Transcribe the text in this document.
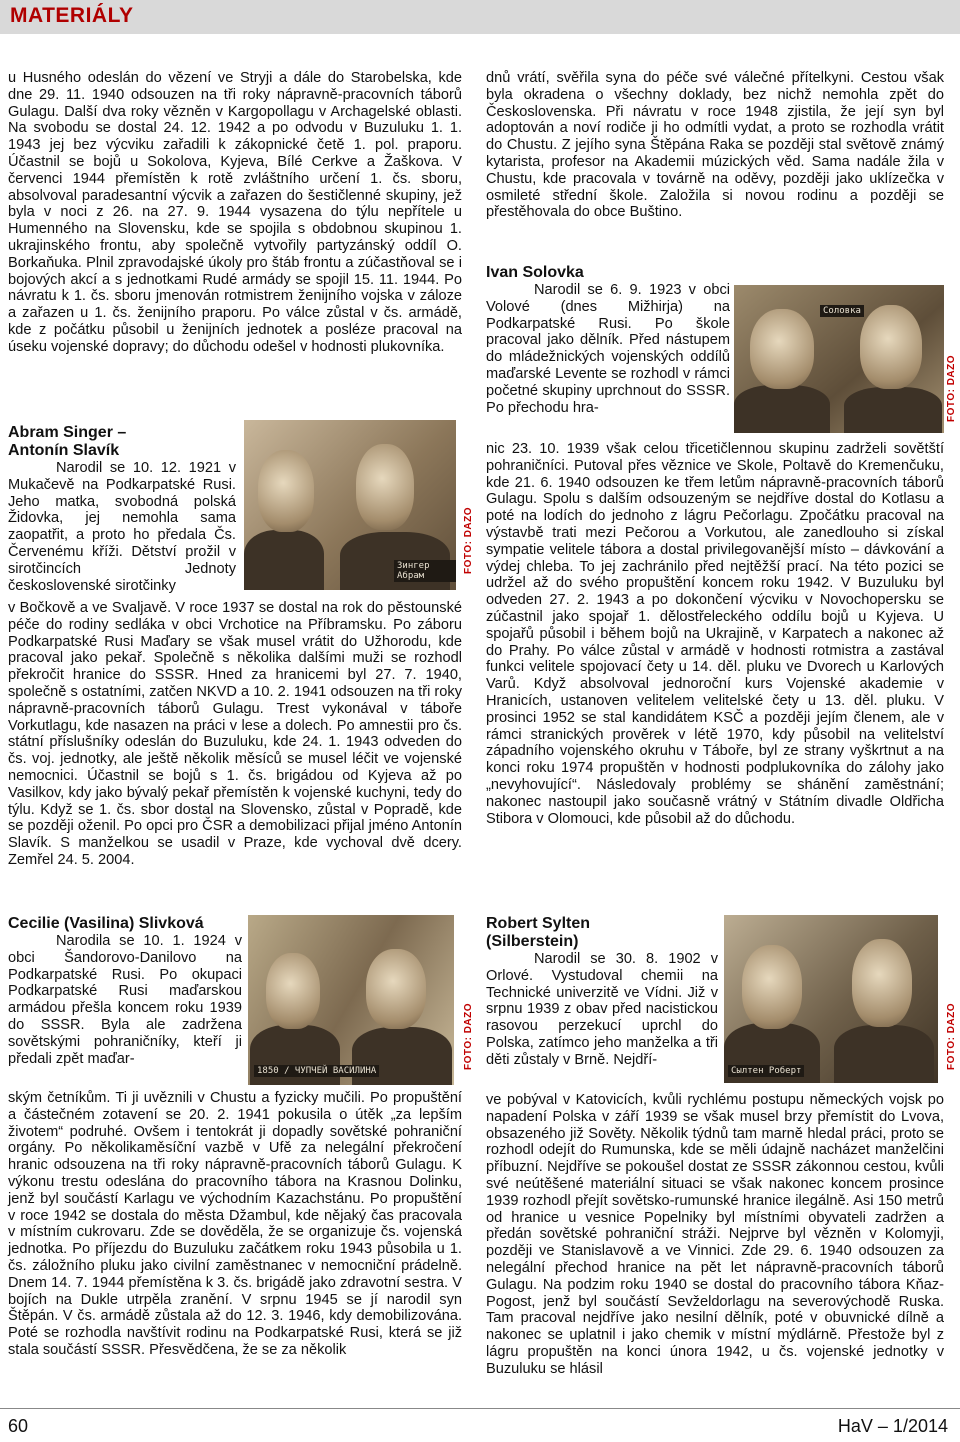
MATERIÁLY

u Husného odeslán do vězení ve Stryji a dále do Starobelska, kde dne 29. 11. 1940 odsouzen na tři roky nápravně-pracovních táborů Gulagu. Další dva roky vězněn v Kargopollagu v Archagelské oblasti. Na svobodu se dostal 24. 12. 1942 a po odvodu v Buzuluku 1. 1. 1943 jej bez výcviku zařadili k zákopnické četě 1. pol. praporu. Účastnil se bojů u Sokolova, Kyjeva, Bílé Cerkve a Žaškova. V červenci 1944 přemístěn k rotě zvláštního určení 1. čs. sboru, absolvoval paradesantní výcvik a zařazen do šestičlenné skupiny, jež byla v noci z 26. na 27. 9. 1944 vysazena do týlu nepřítele u Humenného na Slovensku, kde se spojila s obdobnou skupinou 1. ukrajinského frontu, aby společně vytvořily partyzánský oddíl O. Borkaňuka. Plnil zpravodajské úkoly pro štáb frontu a zúčastňoval se i bojových akcí a s jednotkami Rudé armády se spojil 15. 11. 1944. Po návratu k 1. čs. sboru jmenován rotmistrem ženijního vojska v záloze a zařazen u 1. čs. ženijního praporu. Po válce zůstal v čs. armádě, kde z počátku působil u ženijních jednotek a posléze pracoval na úseku vojenské dopravy; do důchodu odešel v hodnosti plukovníka.

Зингер Абрам
FOTO: DAZO

Abram Singer –

Antonín Slavík

Narodil se 10. 12. 1921 v Mukačevě na Podkarpatské Rusi. Jeho matka, svobodná polská Židovka, jej nemohla sama zaopatřit, a proto ho předala Čs. Červenému kříži. Dětství prožil v sirotčincích Jednoty československé sirotčinky

v Bočkově a ve Svaljavě. V roce 1937 se dostal na rok do pěstounské péče do rodiny sedláka v obci Vrchotice na Příbramsku. Po záboru Podkarpatské Rusi Maďary se však musel vrátit do Užhorodu, kde pracoval jako pekař. Společně s několika dalšími muži se rozhodl překročit hranice do SSSR. Hned za hranicemi byl 27. 7. 1940, společně s ostatními, zatčen NKVD a 10. 2. 1941 odsouzen na tři roky nápravně-pracovních táborů Gulagu. Trest vykonával v táboře Vorkutlagu, kde nasazen na práci v lese a dolech. Po amnestii pro čs. státní příslušníky odeslán do Buzuluku, kde 24. 1. 1943 odveden do čs. voj. jednotky, ale ještě několik měsíců se musel léčit ve vojenské nemocnici. Účastnil se bojů s 1. čs. brigádou od Kyjeva až po Vasilkov, kdy jako bývalý pekař přemístěn k vojenské kuchyni, tedy do týlu. Když se 1. čs. sbor dostal na Slovensko, zůstal v Popradě, kde se později oženil. Po opci pro ČSR a demobilizaci přijal jméno Antonín Slavík. S manželkou se usadil v Praze, kde vychoval dvě dcery. Zemřel 24. 5. 2004.

1850 / ЧУПЧЕЙ ВАСИЛИНА
FOTO: DAZO

Cecilie (Vasilina) Slivková

Narodila se 10. 1. 1924 v obci Šandorovo-Danilovo na Podkarpatské Rusi. Po okupaci Podkarpatské Rusi maďarskou armádou přešla koncem roku 1939 do SSSR. Byla ale zadržena sovětskými pohraničníky, kteří ji předali zpět maďar-

ským četníkům. Ti ji uvěznili v Chustu a fyzicky mučili. Po propuštění a částečném zotavení se 20. 2. 1941 pokusila o útěk „za lepším životem“ podruhé. Ovšem i tentokrát ji dopadly sovětské pohraniční orgány. Po několikaměsíční vazbě v Ufě za nelegální překročení hranic odsouzena na tři roky nápravně-pracovních táborů Gulagu. K výkonu trestu odeslána do pracovního tábora na Krasnou Dolinku, jenž byl součástí Karlagu ve východním Kazachstánu. Po propuštění v roce 1942 se dostala do města Džambul, kde nějaký čas pracovala v místním cukrovaru. Zde se dověděla, že se organizuje čs. vojenská jednotka. Po příjezdu do Buzuluku začátkem roku 1943 působila u 1. čs. záložního pluku jako civilní zaměstnanec v nemocniční prádelně. Dnem 14. 7. 1944 přemístěna k 3. čs. brigádě jako zdravotní sestra. V bojích na Dukle utrpěla zranění. V srpnu 1945 se jí narodil syn Štěpán. V čs. armádě zůstala až do 12. 3. 1946, kdy demobilizována. Poté se rozhodla navštívit rodinu na Podkarpatské Rusi, která se již stala součástí SSSR. Přesvědčena, že se za několik

dnů vrátí, svěřila syna do péče své válečné přítelkyni. Cestou však byla okradena o všechny doklady, bez nichž nemohla zpět do Československa. Při návratu v roce 1948 zjistila, že její syn byl adoptován a noví rodiče ji ho odmítli vydat, a proto se rozhodla vrátit do Chustu. Z jejího syna Štěpána Raka se později stal světově známý kytarista, profesor na Akademii múzických věd. Sama nadále žila v Chustu, kde pracovala v továrně na oděvy, později jako uklízečka v osmileté střední škole. Založila si novou rodinu a později se přestěhovala do obce Buštino.

Соловка
FOTO: DAZO

Ivan Solovka

Narodil se 6. 9. 1923 v obci Volové (dnes Mižhirja) na Podkarpatské Rusi. Po škole pracoval jako dělník. Před nástupem do mládežnických vojenských oddílů maďarské Levente se rozhodl v rámci početné skupiny uprchnout do SSSR. Po přechodu hra-

nic 23. 10. 1939 však celou třicetičlennou skupinu zadrželi sovětští pohraničníci. Putoval přes věznice ve Skole, Poltavě do Kremenčuku, kde 21. 6. 1940 odsouzen ke třem letům nápravně-pracovních táborů Gulagu. Spolu s dalším odsouzeným se nejdříve dostal do Kotlasu a poté na lodích do jednoho z lágru Pečorlagu. Zpočátku pracoval na výstavbě trati mezi Pečorou a Vorkutou, ale zanedlouho si získal sympatie velitele tábora a dostal privilegovanější místo – dávkování a výdej chleba. To jej zachránilo před nejtěžší prací. Na této pozici se udržel až do svého propuštění koncem roku 1942. V Buzuluku byl odveden 27. 2. 1943 a po dokončení výcviku v Novochopersku se zúčastnil jako spojař 1. dělostřeleckého oddílu bojů u Kyjeva. U spojařů působil i během bojů na Ukrajině, v Karpatech a nakonec až do Prahy. Po válce zůstal v armádě v hodnosti rotmistra a zastával funkci velitele spojovací čety u 14. děl. pluku ve Dvorech u Karlových Varů. Když absolvoval jednoroční kurs Vojenské akademie v Hranicích, ustanoven velitelem velitelské čety u 13. děl. pluku. V prosinci 1952 se stal kandidátem KSČ a později jejím členem, ale v rámci stranických prověrek v létě 1970, kdy působil na velitelství západního vojenského okruhu v Táboře, byl ze strany vyškrtnut a na konci roku 1974 propuštěn v hodnosti podplukovníka do zálohy jako „nevyhovující“. Následovaly problémy se shánění zaměstnání; nakonec nastoupil jako současně vrátný v Státním divadle Oldřicha Stibora v Olomouci, kde působil až do důchodu.

Сылтен Роберт
FOTO: DAZO

Robert Sylten

(Silberstein)

Narodil se 30. 8. 1902 v Orlové. Vystudoval chemii na Technické univerzitě ve Vídni. Již v srpnu 1939 z obav před nacistickou rasovou perzekucí uprchl do Polska, zatímco jeho manželka a tři děti zůstaly v Brně. Nejdří-

ve pobýval v Katovicích, kvůli rychlému postupu německých vojsk po napadení Polska v září 1939 se však musel brzy přemístit do Lvova, obsazeného již Sověty. Několik týdnů tam marně hledal práci, proto se rozhodl odejít do Rumunska, kde se měli údajně nacházet manželčini příbuzní. Nejdříve se pokoušel dostat ze SSSR zákonnou cestou, kvůli své neútěšené materiální situaci se však nakonec koncem prosince 1939 rozhodl přejít sovětsko-rumunské hranice ilegálně. Asi 150 metrů od hranice u vesnice Popelniky byl místními obyvateli zadržen a předán sovětské pohraniční stráži. Nejprve byl vězněn v Kolomyji, později ve Stanislavově a ve Vinnici. Zde 29. 6. 1940 odsouzen za nelegální přechod hranice na pět let nápravně-pracovních táborů Gulagu. Na podzim roku 1940 se dostal do pracovního tábora Kňaz-Pogost, jenž byl součástí Sevželdorlagu na severovýchodě Ruska. Tam pracoval nejdříve jako nesilní dělník, poté v obuvnické dílně a nakonec se uplatnil i jako chemik v místní mýdlárně. Přestože byl z lágru propuštěn na konci února 1942, u čs. vojenské jednotky v Buzuluku se hlásil

60	HaV – 1/2014
